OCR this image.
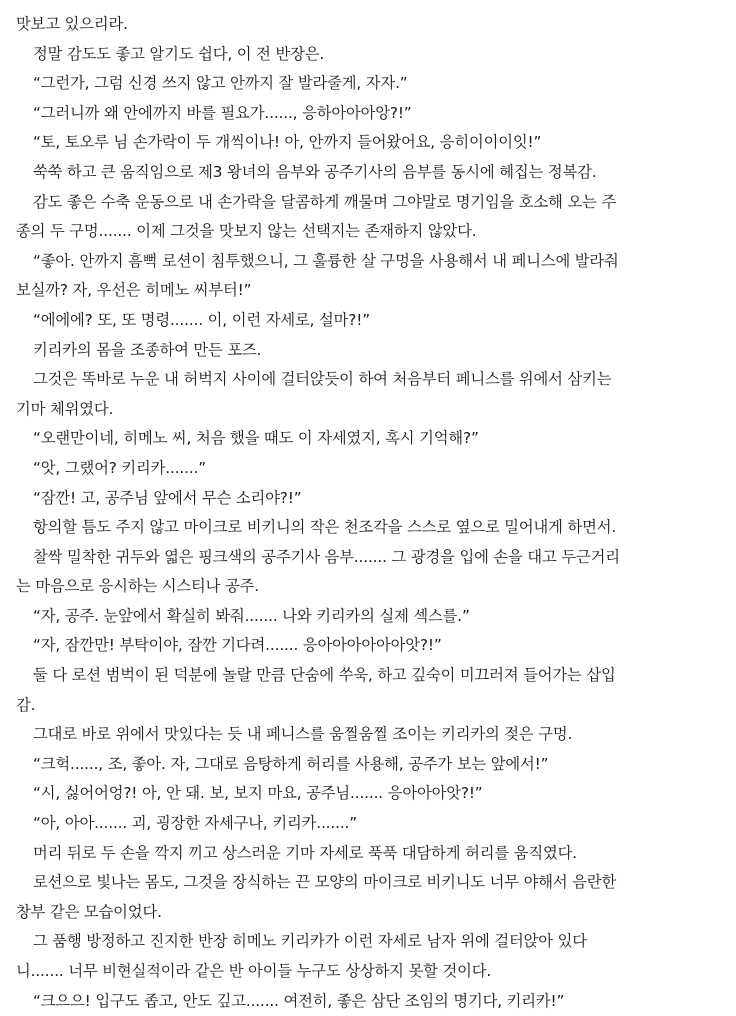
맛보고 있으리라.
정말 감도도 좋고 알기도 쉽다, 이 전 반장은.
“그런가, 그럼 신경 쓰지 않고 안까지 잘 발라줄게, 자자.”
“그러니까 왜 안에까지 바를 필요가......, 응하아아아앙?!”
“토, 토오루 님 손가락이 두 개씩이나! 아, 안까지 들어왔어요, 응히이이이잇!”
쑥쑥 하고 큰 움직임으로 제3 왕녀의 음부와 공주기사의 음부를 동시에 헤집는 정복감.
감도 좋은 수축 운동으로 내 손가락을 달콤하게 깨물며 그야말로 명기임을 호소해 오는 주
종의 두 구멍....... 이제 그것을 맛보지 않는 선택지는 존재하지 않았다.
“좋아. 안까지 흠뻑 로션이 침투했으니, 그 훌륭한 살 구멍을 사용해서 내 페니스에 발라줘
보실까? 자, 우선은 히메노 씨부터!”
“에에에? 또, 또 명령....... 이, 이런 자세로, 설마?!”
키리카의 몸을 조종하여 만든 포즈.
그것은 똑바로 누운 내 허벅지 사이에 걸터앉듯이 하여 처음부터 페니스를 위에서 삼키는
기마 체위였다.
“오랜만이네, 히메노 씨, 처음 했을 때도 이 자세였지, 혹시 기억해?”
“앗, 그랬어? 키리카.......”
“잠깐! 고, 공주님 앞에서 무슨 소리야?!”
항의할 틈도 주지 않고 마이크로 비키니의 작은 천조각을 스스로 옆으로 밀어내게 하면서.
찰싹 밀착한 귀두와 엷은 핑크색의 공주기사 음부....... 그 광경을 입에 손을 대고 두근거리
는 마음으로 응시하는 시스티나 공주.
“자, 공주. 눈앞에서 확실히 봐줘....... 나와 키리카의 실제 섹스를.”
“자, 잠깐만! 부탁이야, 잠깐 기다려....... 응아아아아아아앗?!”
둘 다 로션 범벅이 된 덕분에 놀랄 만큼 단숨에 쑤욱, 하고 깊숙이 미끄러져 들어가는 삽입
감.
그대로 바로 위에서 맛있다는 듯 내 페니스를 움찔움찔 조이는 키리카의 젖은 구멍.
“크헉......, 조, 좋아. 자, 그대로 음탕하게 허리를 사용해, 공주가 보는 앞에서!”
“시, 싫어어엉?! 아, 안 돼. 보, 보지 마요, 공주님....... 응아아아앗?!”
“아, 아아....... 괴, 굉장한 자세구나, 키리카.......”
머리 뒤로 두 손을 깍지 끼고 상스러운 기마 자세로 푹푹 대담하게 허리를 움직였다.
로션으로 빛나는 몸도, 그것을 장식하는 끈 모양의 마이크로 비키니도 너무 야해서 음란한
창부 같은 모습이었다.
그 품행 방정하고 진지한 반장 히메노 키리카가 이런 자세로 남자 위에 걸터앉아 있다
니....... 너무 비현실적이라 같은 반 아이들 누구도 상상하지 못할 것이다.
“크으으! 입구도 좁고, 안도 깊고....... 여전히, 좋은 삼단 조임의 명기다, 키리카!”
